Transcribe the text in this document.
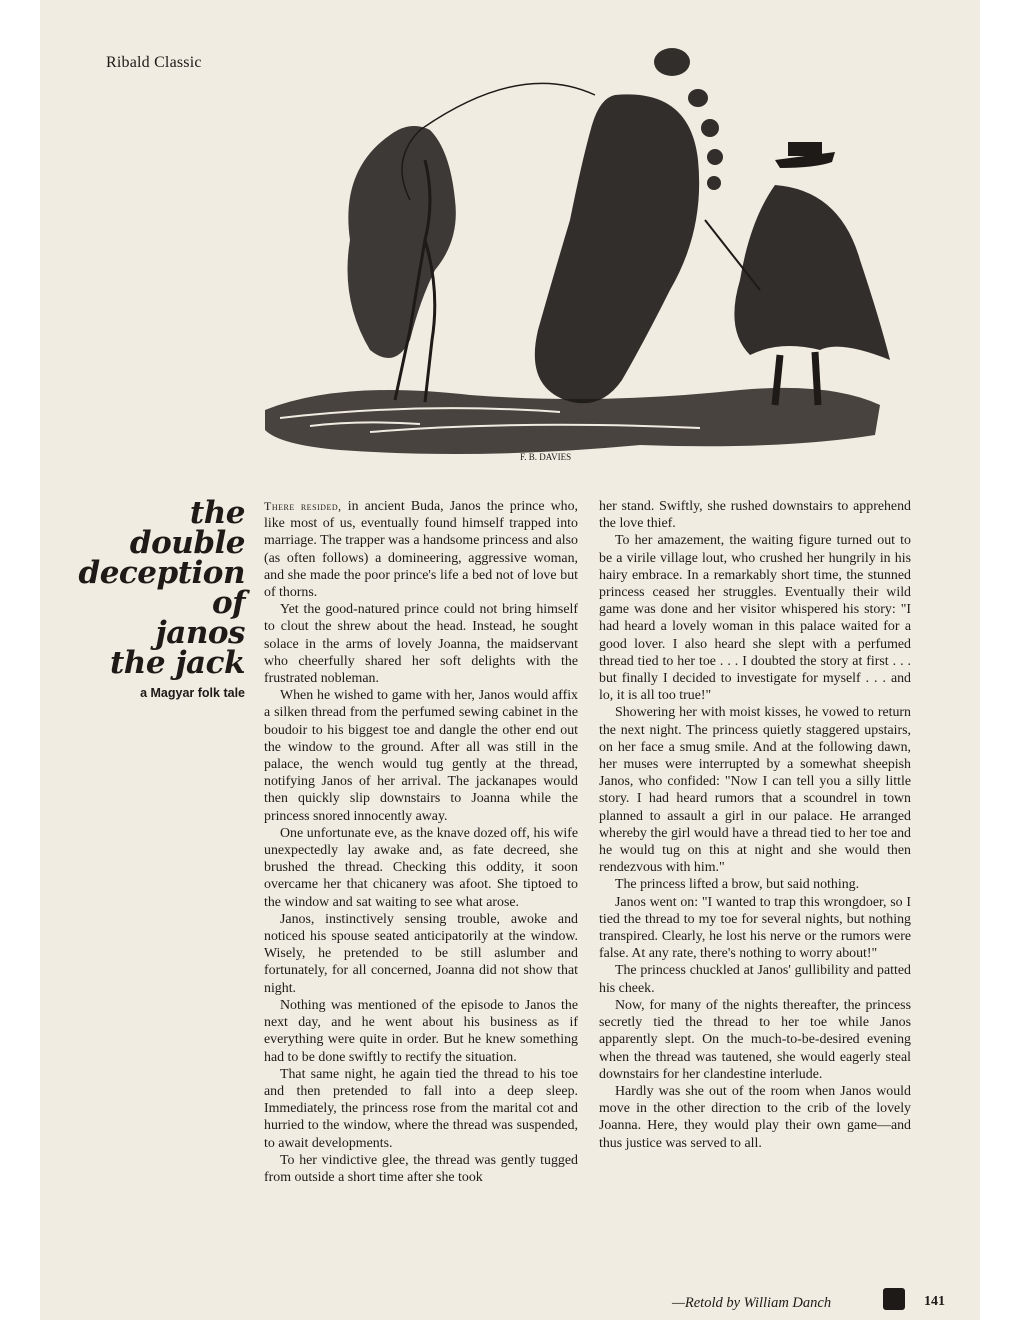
Ribald Classic
F. B. DAVIES
the
double
deception
of
janos
the jack
a Magyar folk tale

There resided, in ancient Buda, Janos the prince who, like most of us, eventually found himself trapped into marriage. The trapper was a handsome princess and also (as often follows) a domineering, aggressive woman, and she made the poor prince's life a bed not of love but of thorns.

Yet the good-natured prince could not bring himself to clout the shrew about the head. Instead, he sought solace in the arms of lovely Joanna, the maidservant who cheerfully shared her soft delights with the frustrated nobleman.

When he wished to game with her, Janos would affix a silken thread from the perfumed sewing cabinet in the boudoir to his biggest toe and dangle the other end out the window to the ground. After all was still in the palace, the wench would tug gently at the thread, notifying Janos of her arrival. The jackanapes would then quickly slip downstairs to Joanna while the princess snored innocently away.

One unfortunate eve, as the knave dozed off, his wife unexpectedly lay awake and, as fate decreed, she brushed the thread. Checking this oddity, it soon overcame her that chicanery was afoot. She tiptoed to the window and sat waiting to see what arose.

Janos, instinctively sensing trouble, awoke and noticed his spouse seated anticipatorily at the window. Wisely, he pretended to be still aslumber and fortunately, for all concerned, Joanna did not show that night.

Nothing was mentioned of the episode to Janos the next day, and he went about his business as if everything were quite in order. But he knew something had to be done swiftly to rectify the situation.

That same night, he again tied the thread to his toe and then pretended to fall into a deep sleep. Immediately, the princess rose from the marital cot and hurried to the window, where the thread was suspended, to await developments.

To her vindictive glee, the thread was gently tugged from outside a short time after she took

her stand. Swiftly, she rushed downstairs to apprehend the love thief.

To her amazement, the waiting figure turned out to be a virile village lout, who crushed her hungrily in his hairy embrace. In a remarkably short time, the stunned princess ceased her struggles. Eventually their wild game was done and her visitor whispered his story: "I had heard a lovely woman in this palace waited for a good lover. I also heard she slept with a perfumed thread tied to her toe . . . I doubted the story at first . . . but finally I decided to investigate for myself . . . and lo, it is all too true!"

Showering her with moist kisses, he vowed to return the next night. The princess quietly staggered upstairs, on her face a smug smile. And at the following dawn, her muses were interrupted by a somewhat sheepish Janos, who confided: "Now I can tell you a silly little story. I had heard rumors that a scoundrel in town planned to assault a girl in our palace. He arranged whereby the girl would have a thread tied to her toe and he would tug on this at night and she would then rendezvous with him."

The princess lifted a brow, but said nothing.

Janos went on: "I wanted to trap this wrongdoer, so I tied the thread to my toe for several nights, but nothing transpired. Clearly, he lost his nerve or the rumors were false. At any rate, there's nothing to worry about!"

The princess chuckled at Janos' gullibility and patted his cheek.

Now, for many of the nights thereafter, the princess secretly tied the thread to her toe while Janos apparently slept. On the much-to-be-desired evening when the thread was tautened, she would eagerly steal downstairs for her clandestine interlude.

Hardly was she out of the room when Janos would move in the other direction to the crib of the lovely Joanna. Here, they would play their own game—and thus justice was served to all.

—Retold by William Danch	141
